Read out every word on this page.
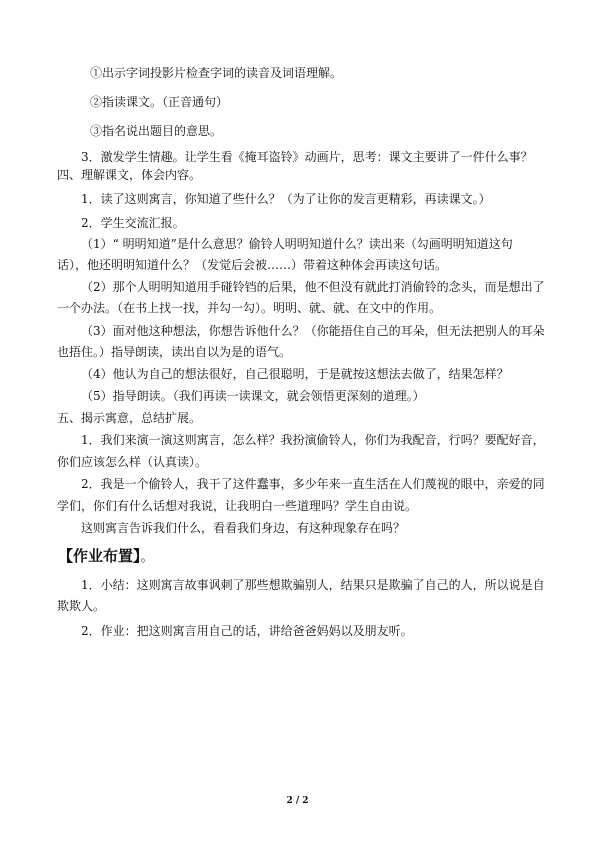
①出示字词投影片检查字词的读音及词语理解。
②指读课文。（正音通句）
③指名说出题目的意思。
3．激发学生情趣。让学生看《掩耳盗铃》动画片，思考：课文主要讲了一件什么事？
四、理解课文，体会内容。
1．读了这则寓言，你知道了些什么？（为了让你的发言更精彩，再读课文。）
2．学生交流汇报。
（1）“ 明明知道”是什么意思？偷铃人明明知道什么？读出来（勾画明明知道这句
话），他还明明知道什么？（发觉后会被……）带着这种体会再读这句话。
（2）那个人明明知道用手碰铃铛的后果，他不但没有就此打消偷铃的念头，而是想出了
一个办法。（在书上找一找，并勾一勾）。明明、就、就、在文中的作用。
（3）面对他这种想法，你想告诉他什么？（你能捂住自己的耳朵，但无法把别人的耳朵
也捂住。）指导朗读，读出自以为是的语气。
（4）他认为自己的想法很好，自己很聪明，于是就按这想法去做了，结果怎样？
（5）指导朗读。（我们再读一读课文，就会领悟更深刻的道理。）
五、揭示寓意，总结扩展。
1．我们来演一演这则寓言，怎么样？我扮演偷铃人，你们为我配音，行吗？要配好音，
你们应该怎么样（认真读）。
2．我是一个偷铃人，我干了这件蠢事，多少年来一直生活在人们蔑视的眼中，亲爱的同
学们，你们有什么话想对我说，让我明白一些道理吗？学生自由说。
这则寓言告诉我们什么，看看我们身边，有这种现象存在吗？
【作业布置】。
1．小结：这则寓言故事讽刺了那些想欺骗别人，结果只是欺骗了自己的人，所以说是自
欺欺人。
2．作业：把这则寓言用自己的话，讲给爸爸妈妈以及朋友听。
2 / 2
